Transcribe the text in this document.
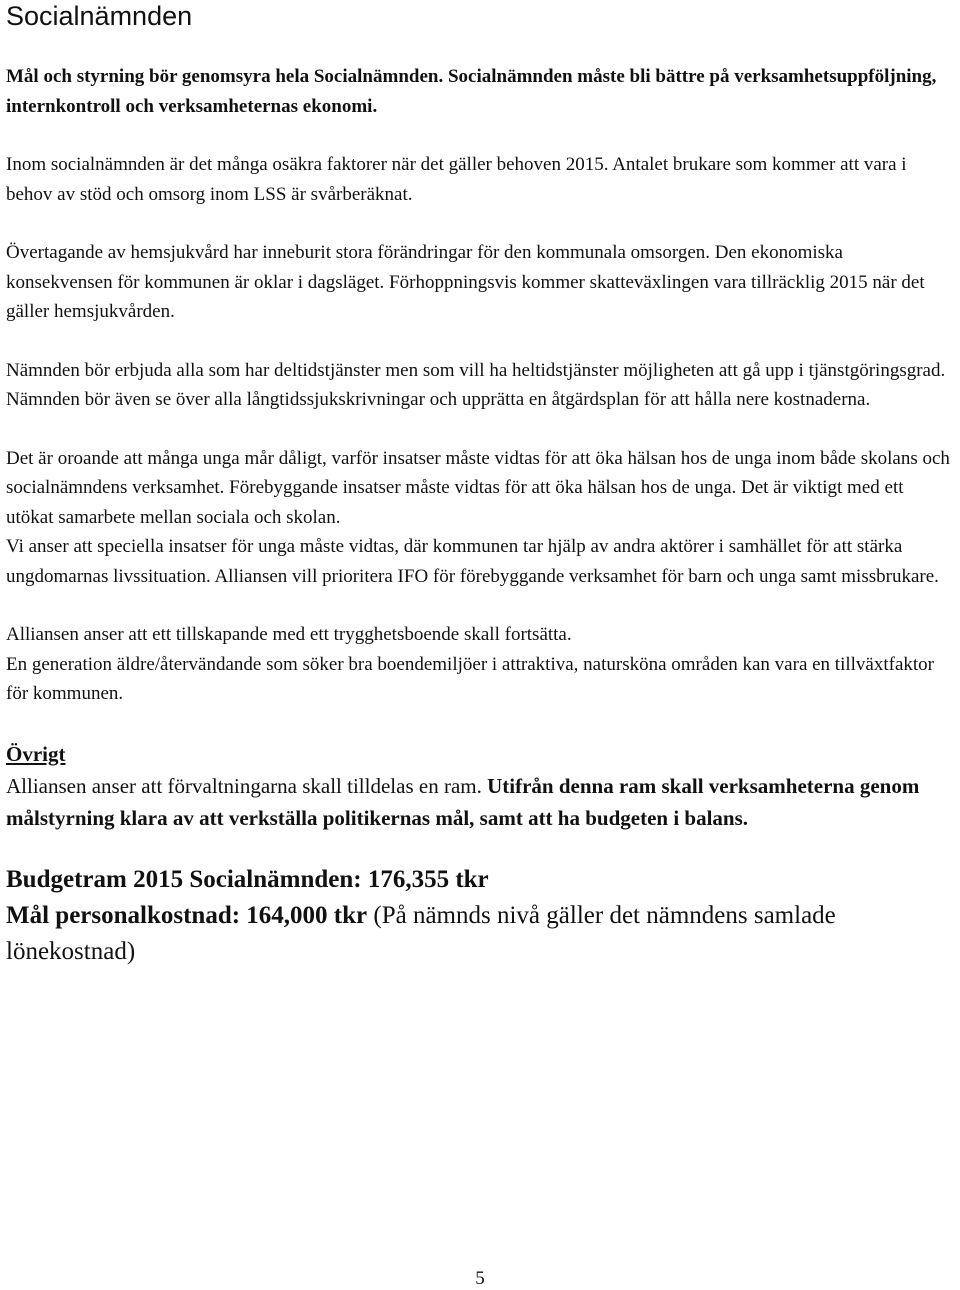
Socialnämnden

Mål och styrning bör genomsyra hela Socialnämnden. Socialnämnden måste bli bättre på verksamhetsuppföljning, internkontroll och verksamheternas ekonomi.

Inom socialnämnden är det många osäkra faktorer när det gäller behoven 2015. Antalet brukare som kommer att vara i behov av stöd och omsorg inom LSS är svårberäknat.

Övertagande av hemsjukvård har inneburit stora förändringar för den kommunala omsorgen. Den ekonomiska konsekvensen för kommunen är oklar i dagsläget. Förhoppningsvis kommer skatteväxlingen vara tillräcklig 2015 när det gäller hemsjukvården.

Nämnden bör erbjuda alla som har deltidstjänster men som vill ha heltidstjänster möjligheten att gå upp i tjänstgöringsgrad. Nämnden bör även se över alla långtidssjukskrivningar och upprätta en åtgärdsplan för att hålla nere kostnaderna.

Det är oroande att många unga mår dåligt, varför insatser måste vidtas för att öka hälsan hos de unga inom både skolans och socialnämndens verksamhet. Förebyggande insatser måste vidtas för att öka hälsan hos de unga. Det är viktigt med ett utökat samarbete mellan sociala och skolan.

Vi anser att speciella insatser för unga måste vidtas, där kommunen tar hjälp av andra aktörer i samhället för att stärka ungdomarnas livssituation. Alliansen vill prioritera IFO för förebyggande verksamhet för barn och unga samt missbrukare.

Alliansen anser att ett tillskapande med ett trygghetsboende skall fortsätta.

En generation äldre/återvändande som söker bra boendemiljöer i attraktiva, natursköna områden kan vara en tillväxtfaktor för kommunen.

Övrigt

Alliansen anser att förvaltningarna skall tilldelas en ram. Utifrån denna ram skall verksamheterna genom målstyrning klara av att verkställa politikernas mål, samt att ha budgeten i balans.

Budgetram 2015 Socialnämnden: 176,355 tkr

Mål personalkostnad: 164,000 tkr (På nämnds nivå gäller det nämndens samlade lönekostnad)

5
